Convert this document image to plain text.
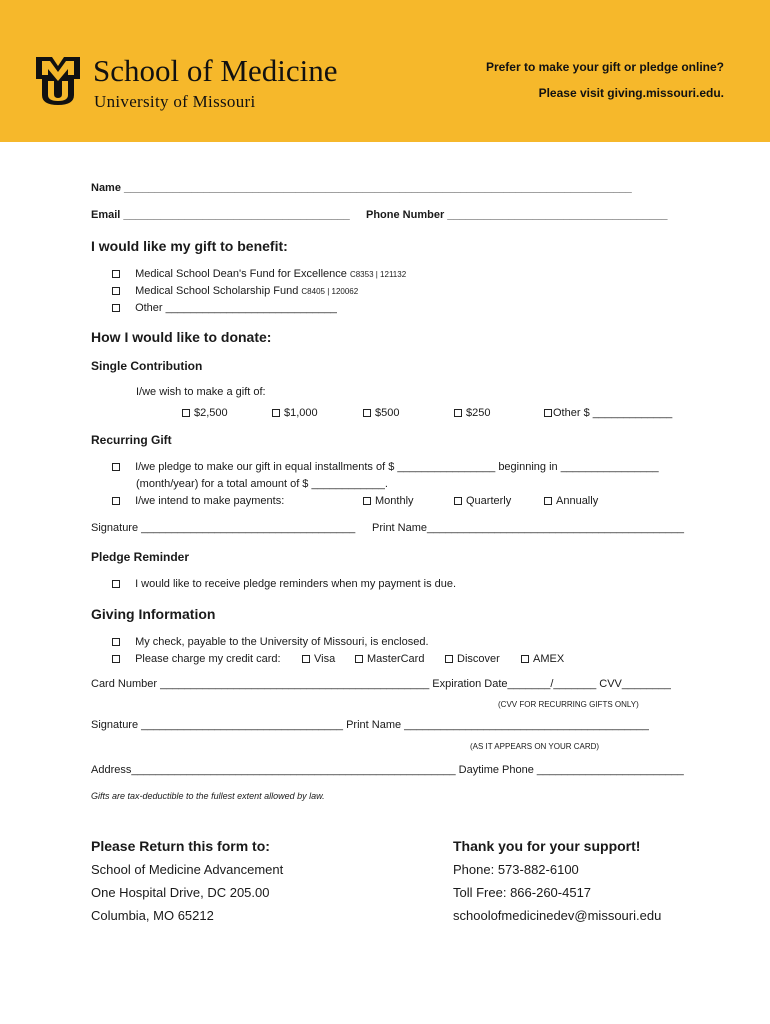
School of Medicine
University of Missouri
Prefer to make your gift or pledge online?
Please visit giving.missouri.edu.
Name ___________________________________________________________________________________
Email _____________________________________ Phone Number ____________________________________
I would like my gift to benefit:
Medical School Dean's Fund for Excellence C8353 | 121132
Medical School Scholarship Fund C8405 | 120062
Other ____________________________
How I would like to donate:
Single Contribution
I/we wish to make a gift of:
$2,500	$1,000	$500	$250	Other $ _____________
Recurring Gift
I/we pledge to make our gift in equal installments of $ ________________ beginning in ________________
(month/year) for a total amount of $ ____________.
I/we intend to make payments:	Monthly	Quarterly	Annually
Signature ___________________________________ Print Name__________________________________________
Pledge Reminder
I would like to receive pledge reminders when my payment is due.
Giving Information
My check, payable to the University of Missouri, is enclosed.
Please charge my credit card:	Visa	MasterCard	Discover	AMEX
Card Number ____________________________________________ Expiration Date_______/_______ CVV________
(CVV FOR RECURRING GIFTS ONLY)
Signature _________________________________ Print Name ________________________________________
(AS IT APPEARS ON YOUR CARD)
Address_____________________________________________________ Daytime Phone ________________________
Gifts are tax-deductible to the fullest extent allowed by law.
Please Return this form to:
School of Medicine Advancement
One Hospital Drive, DC 205.00
Columbia, MO 65212
Thank you for your support!
Phone: 573-882-6100
Toll Free: 866-260-4517
schoolofmedicinedev@missouri.edu
